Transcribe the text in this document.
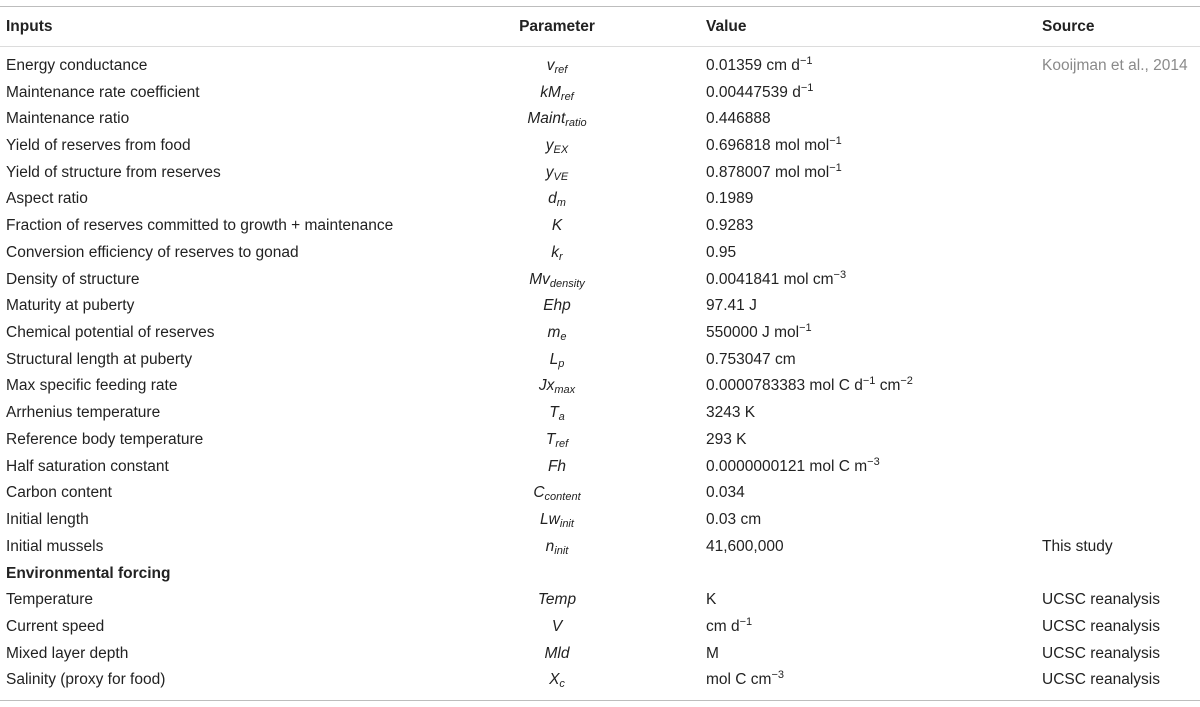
Inputs	Parameter	Value	Source
Energy conductance	$v_{ref}$	0.01359 cm $d^{-1}$	Kooijman et al., 2014
Maintenance rate coefficient	$kM_{ref}$	0.00447539 $d^{-1}$
Maintenance ratio	Maint$_{ratio}$	0.446888
Yield of reserves from food	$y_{EX}$	0.696818 mol mol$^{-1}$
Yield of structure from reserves	$y_{VE}$	0.878007 mol mol$^{-1}$
Aspect ratio	$d_m$	0.1989
Fraction of reserves committed to growth + maintenance	K	0.9283
Conversion efficiency of reserves to gonad	$k_r$	0.95
Density of structure	$Mv_{density}$	0.0041841 mol $cm^{-3}$
Maturity at puberty	Ehp	97.41 J
Chemical potential of reserves	$m_e$	550000 J mol$^{-1}$
Structural length at puberty	$L_p$	0.753047 cm
Max specific feeding rate	$Jx_{max}$	0.0000783383 mol C $d^{-1}$ $cm^{-2}$
Arrhenius temperature	$T_a$	3243 K
Reference body temperature	$T_{ref}$	293 K
Half saturation constant	Fh	0.0000000121 mol C $m^{-3}$
Carbon content	$C_{content}$	0.034
Initial length	$Lw_{init}$	0.03 cm
Initial mussels	$n_{init}$	41,600,000	This study
Environmental forcing
Temperature	Temp	K	UCSC reanalysis
Current speed	V	cm $d^{-1}$	UCSC reanalysis
Mixed layer depth	Mld	M	UCSC reanalysis
Salinity (proxy for food)	$X_c$	mol C $cm^{-3}$	UCSC reanalysis
